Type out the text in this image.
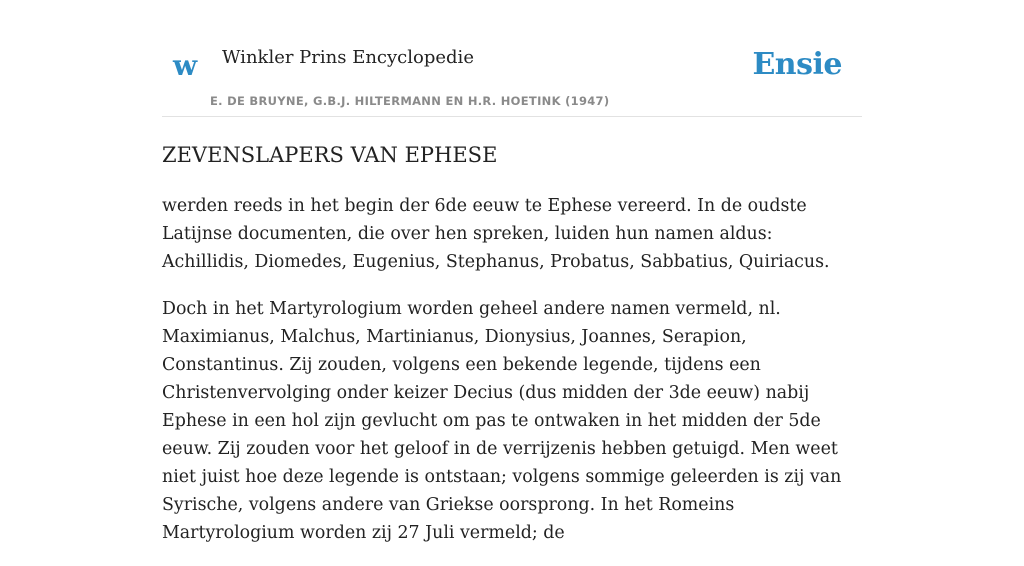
w Winkler Prins Encyclopedie
E. DE BRUYNE, G.B.J. HILTERMANN EN H.R. HOETINK (1947)
Ensie
ZEVENSLAPERS VAN EPHESE

werden reeds in het begin der 6de eeuw te Ephese vereerd. In de oudste Latijnse documenten, die over hen spreken, luiden hun namen aldus: Achillidis, Diomedes, Eugenius, Stephanus, Probatus, Sabbatius, Quiriacus.

Doch in het Martyrologium worden geheel andere namen vermeld, nl. Maximianus, Malchus, Martinianus, Dionysius, Joannes, Serapion, Constantinus. Zij zouden, volgens een bekende legende, tijdens een Christenvervolging onder keizer Decius (dus midden der 3de eeuw) nabij Ephese in een hol zijn gevlucht om pas te ontwaken in het midden der 5de eeuw. Zij zouden voor het geloof in de verrijzenis hebben getuigd. Men weet niet juist hoe deze legende is ontstaan; volgens sommige geleerden is zij van Syrische, volgens andere van Griekse oorsprong. In het Romeins Martyrologium worden zij 27 Juli vermeld; de
